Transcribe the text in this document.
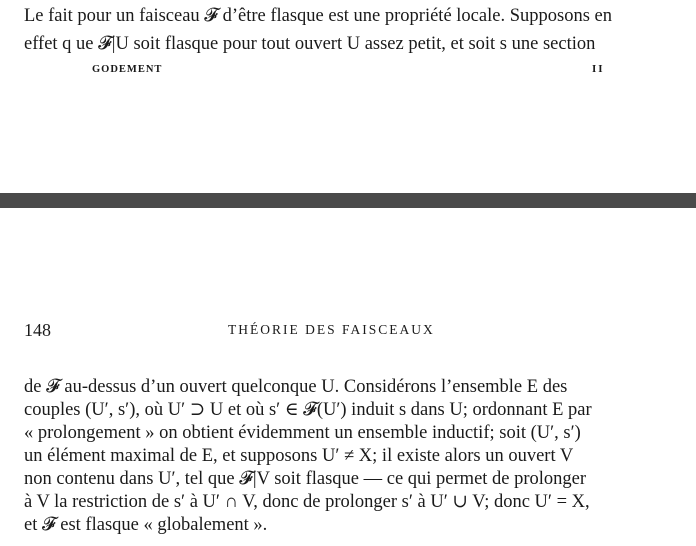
Le fait pour un faisceau 𝓕 d’être flasque est une propriété locale. Supposons en
effet q ue 𝓕|U soit flasque pour tout ouvert U assez petit, et soit s une section
GODEMENT	II
148	THÉORIE DES FAISCEAUX
de 𝓕 au-dessus d’un ouvert quelconque U. Considérons l’ensemble E des
couples (U′, s′), où U′ ⊃ U et où s′ ∈ 𝓕(U′) induit s dans U; ordonnant E par
« prolongement » on obtient évidemment un ensemble inductif; soit (U′, s′)
un élément maximal de E, et supposons U′ ≠ X; il existe alors un ouvert V
non contenu dans U′, tel que 𝓕|V soit flasque — ce qui permet de prolonger
à V la restriction de s′ à U′ ∩ V, donc de prolonger s′ à U′ ∪ V; donc U′ = X,
et 𝓕 est flasque « globalement ».
